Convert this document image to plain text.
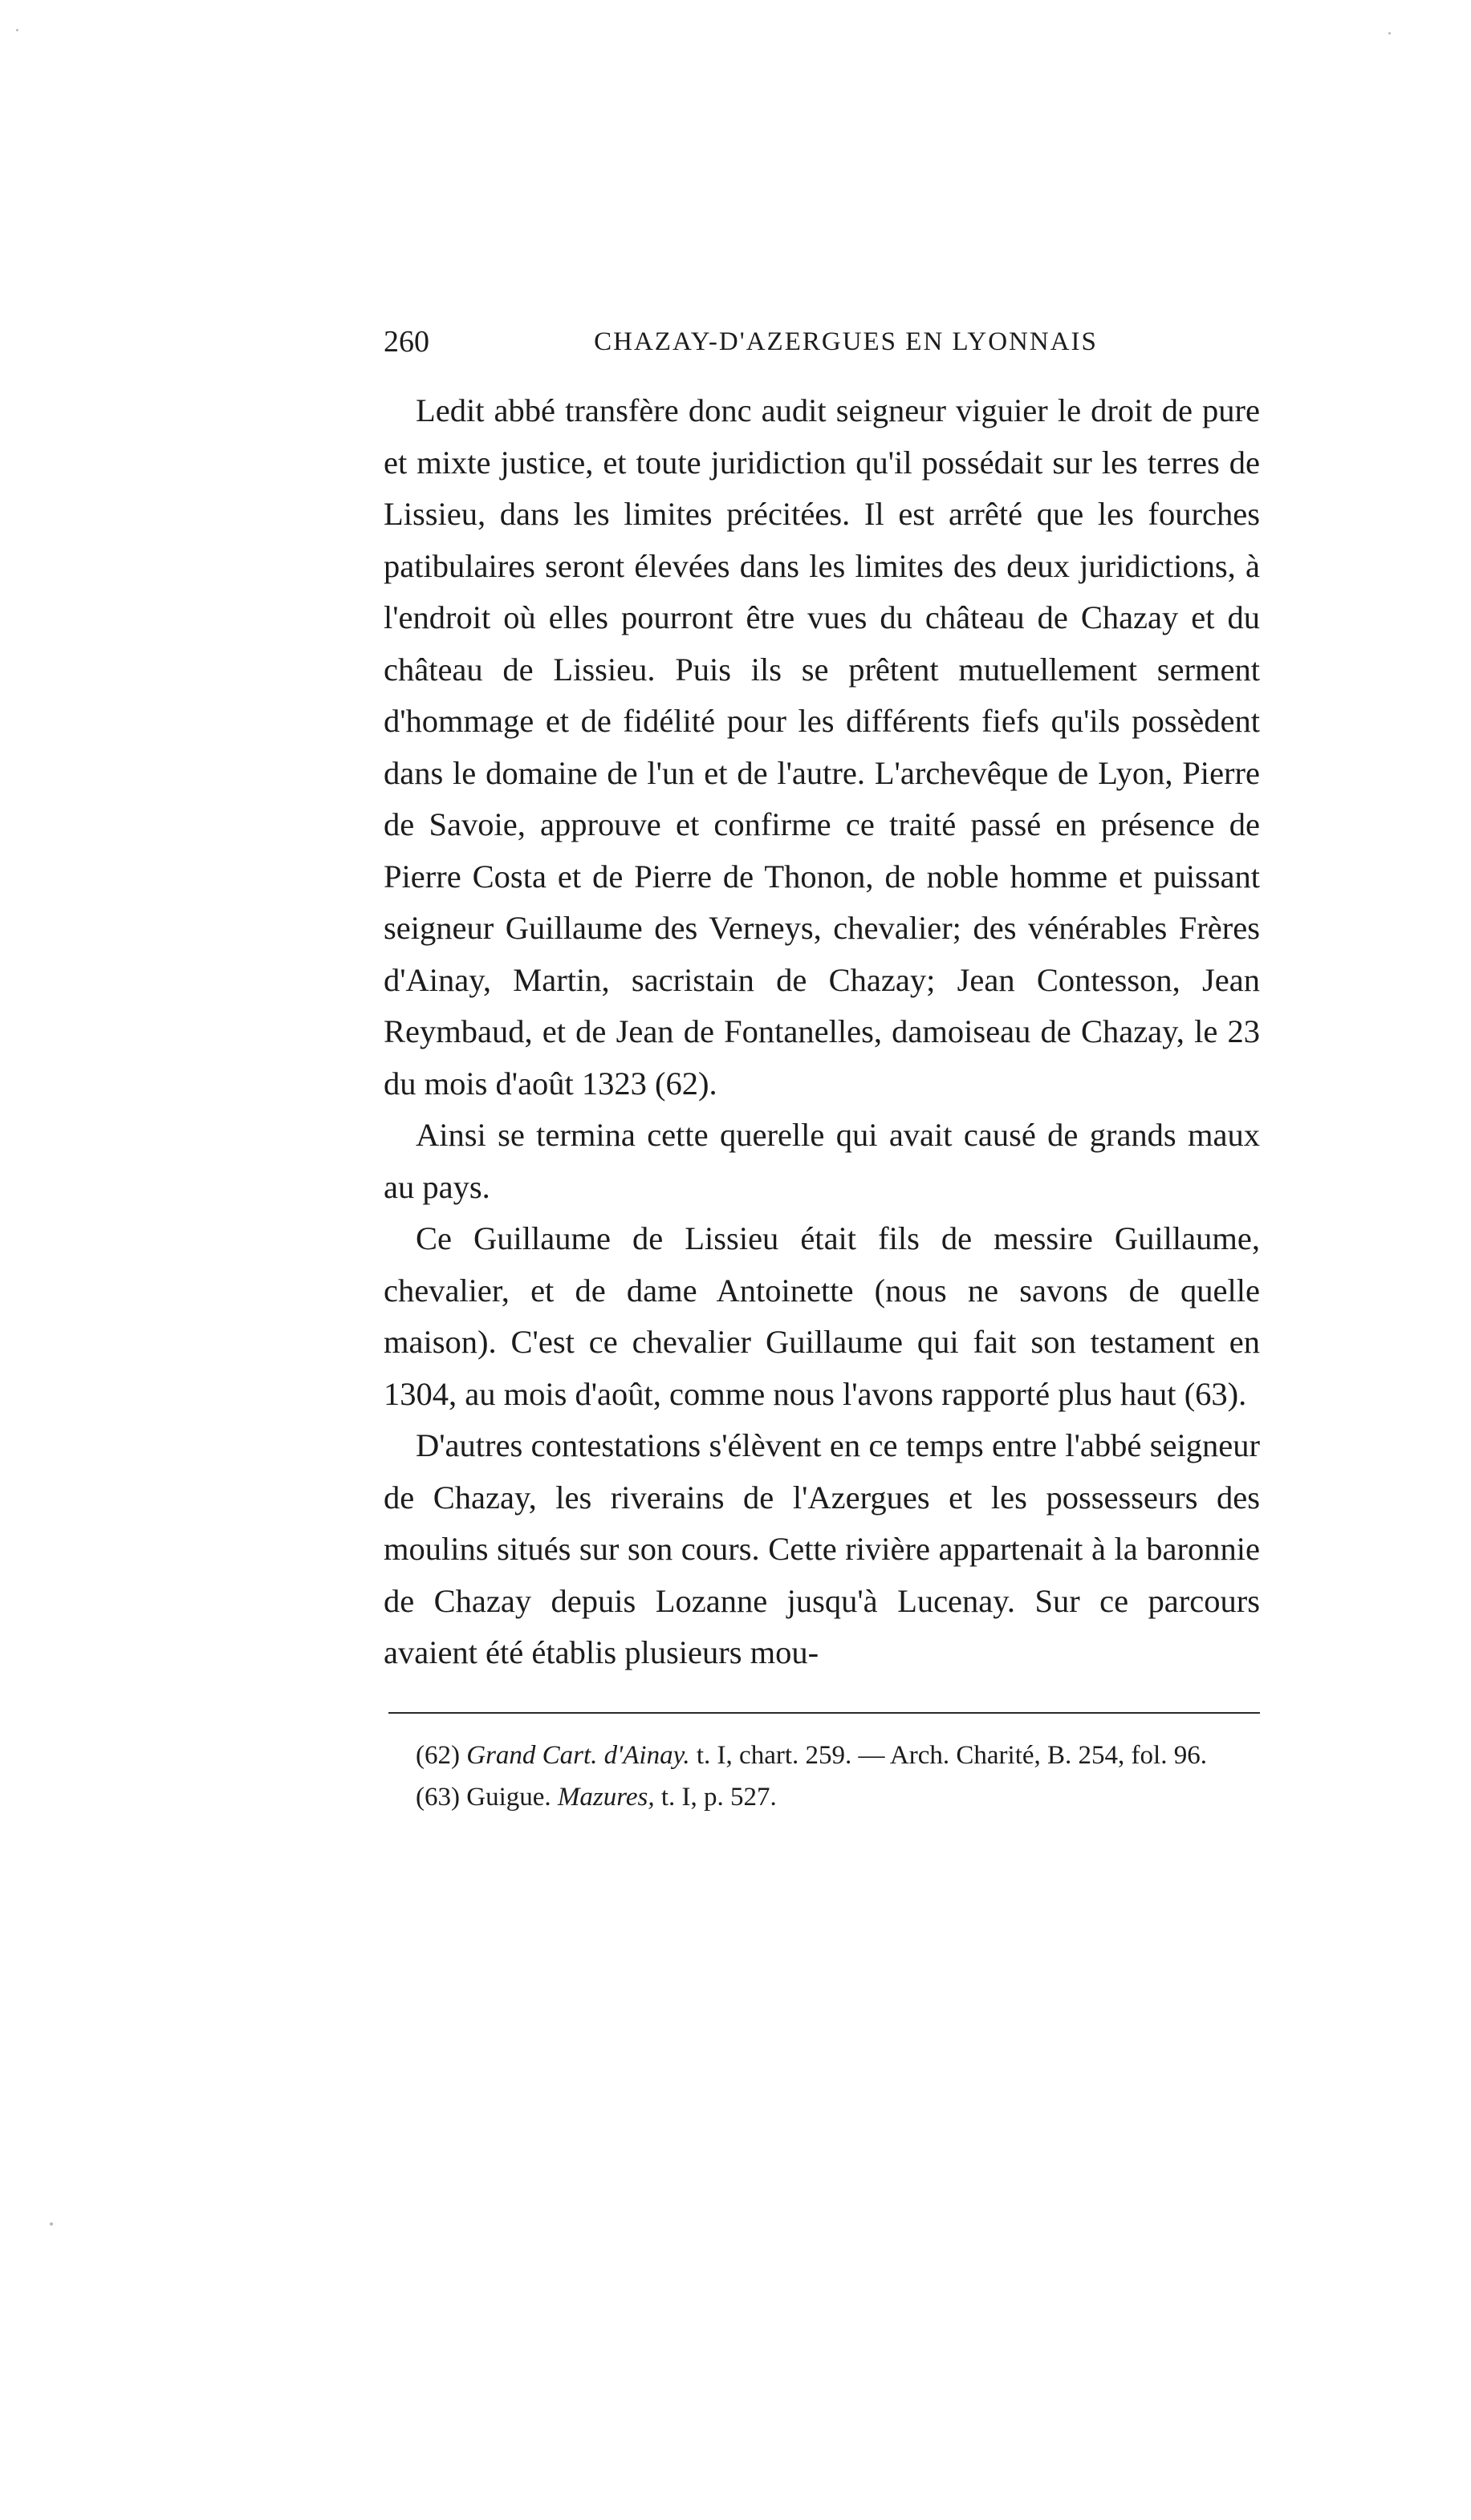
260	CHAZAY-D'AZERGUES EN LYONNAIS

Ledit abbé transfère donc audit seigneur viguier le droit de pure et mixte justice, et toute juridiction qu'il possédait sur les terres de Lissieu, dans les limites précitées. Il est arrêté que les fourches patibulaires seront élevées dans les limites des deux juridictions, à l'endroit où elles pourront être vues du château de Chazay et du château de Lissieu. Puis ils se prêtent mutuellement serment d'hommage et de fidélité pour les différents fiefs qu'ils possèdent dans le domaine de l'un et de l'autre. L'archevêque de Lyon, Pierre de Savoie, approuve et confirme ce traité passé en présence de Pierre Costa et de Pierre de Thonon, de noble homme et puissant seigneur Guillaume des Verneys, chevalier; des vénérables Frères d'Ainay, Martin, sacristain de Chazay; Jean Contesson, Jean Reymbaud, et de Jean de Fontanelles, damoiseau de Chazay, le 23 du mois d'août 1323 (62).

Ainsi se termina cette querelle qui avait causé de grands maux au pays.

Ce Guillaume de Lissieu était fils de messire Guillaume, chevalier, et de dame Antoinette (nous ne savons de quelle maison). C'est ce chevalier Guillaume qui fait son testament en 1304, au mois d'août, comme nous l'avons rapporté plus haut (63).

D'autres contestations s'élèvent en ce temps entre l'abbé seigneur de Chazay, les riverains de l'Azergues et les possesseurs des moulins situés sur son cours. Cette rivière appartenait à la baronnie de Chazay depuis Lozanne jusqu'à Lucenay. Sur ce parcours avaient été établis plusieurs mou-

(62) Grand Cart. d'Ainay. t. I, chart. 259. — Arch. Charité, B. 254, fol. 96.

(63) Guigue. Mazures, t. I, p. 527.
